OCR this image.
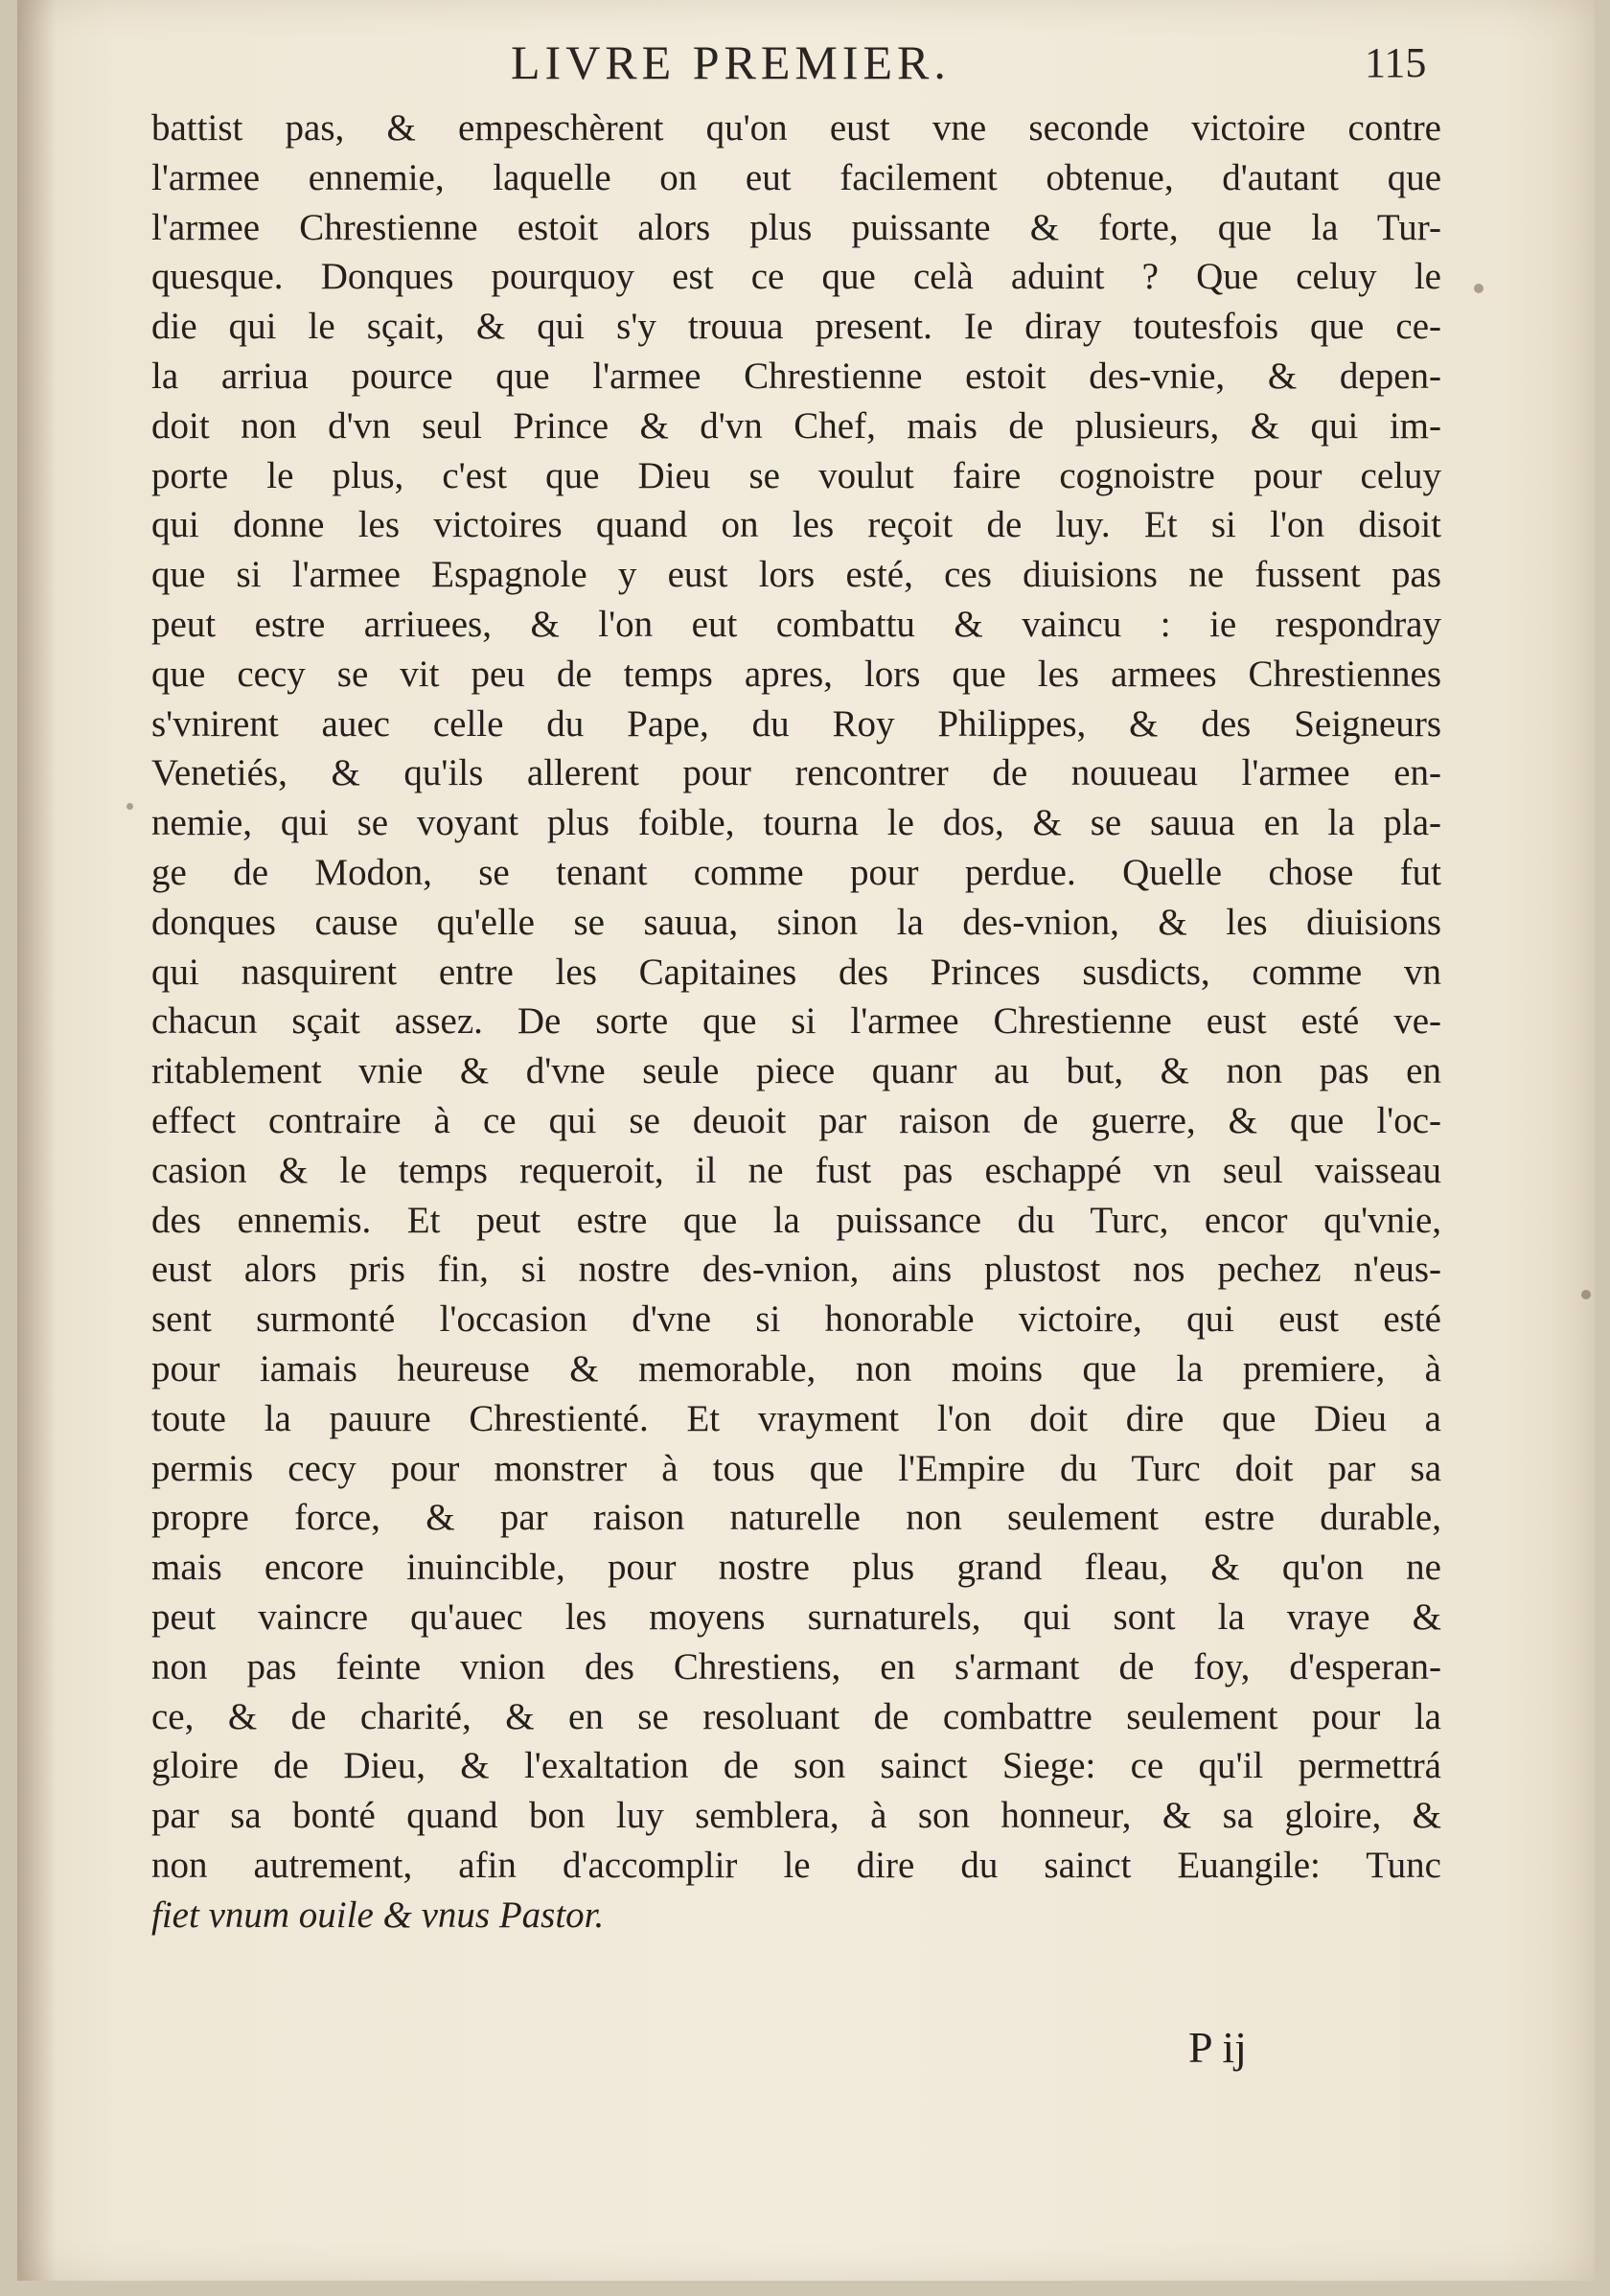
LIVRE PREMIER.	115
battist pas, & empeschèrent qu'on eust vne seconde victoire contre
l'armee ennemie, laquelle on eut facilement obtenue, d'autant que
l'armee Chrestienne estoit alors plus puissante & forte, que la Tur-
quesque. Donques pourquoy est ce que celà aduint ? Que celuy le
die qui le sçait, & qui s'y trouua present. Ie diray toutesfois que ce-
la arriua pource que l'armee Chrestienne estoit des-vnie, & depen-
doit non d'vn seul Prince & d'vn Chef, mais de plusieurs, & qui im-
porte le plus, c'est que Dieu se voulut faire cognoistre pour celuy
qui donne les victoires quand on les reçoit de luy. Et si l'on disoit
que si l'armee Espagnole y eust lors esté, ces diuisions ne fussent pas
peut estre arriuees, & l'on eut combattu & vaincu : ie respondray
que cecy se vit peu de temps apres, lors que les armees Chrestiennes
s'vnirent auec celle du Pape, du Roy Philippes, & des Seigneurs
Venetiés, & qu'ils allerent pour rencontrer de nouueau l'armee en-
nemie, qui se voyant plus foible, tourna le dos, & se sauua en la pla-
ge de Modon, se tenant comme pour perdue. Quelle chose fut
donques cause qu'elle se sauua, sinon la des-vnion, & les diuisions
qui nasquirent entre les Capitaines des Princes susdicts, comme vn
chacun sçait assez. De sorte que si l'armee Chrestienne eust esté ve-
ritablement vnie & d'vne seule piece quanr au but, & non pas en
effect contraire à ce qui se deuoit par raison de guerre, & que l'oc-
casion & le temps requeroit, il ne fust pas eschappé vn seul vaisseau
des ennemis. Et peut estre que la puissance du Turc, encor qu'vnie,
eust alors pris fin, si nostre des-vnion, ains plustost nos pechez n'eus-
sent surmonté l'occasion d'vne si honorable victoire, qui eust esté
pour iamais heureuse & memorable, non moins que la premiere, à
toute la pauure Chrestienté. Et vrayment l'on doit dire que Dieu a
permis cecy pour monstrer à tous que l'Empire du Turc doit par sa
propre force, & par raison naturelle non seulement estre durable,
mais encore inuincible, pour nostre plus grand fleau, & qu'on ne
peut vaincre qu'auec les moyens surnaturels, qui sont la vraye &
non pas feinte vnion des Chrestiens, en s'armant de foy, d'esperan-
ce, & de charité, & en se resoluant de combattre seulement pour la
gloire de Dieu, & l'exaltation de son sainct Siege: ce qu'il permettrá
par sa bonté quand bon luy semblera, à son honneur, & sa gloire, &
non autrement, afin d'accomplir le dire du sainct Euangile: Tunc
fiet vnum ouile & vnus Pastor.
P ij
